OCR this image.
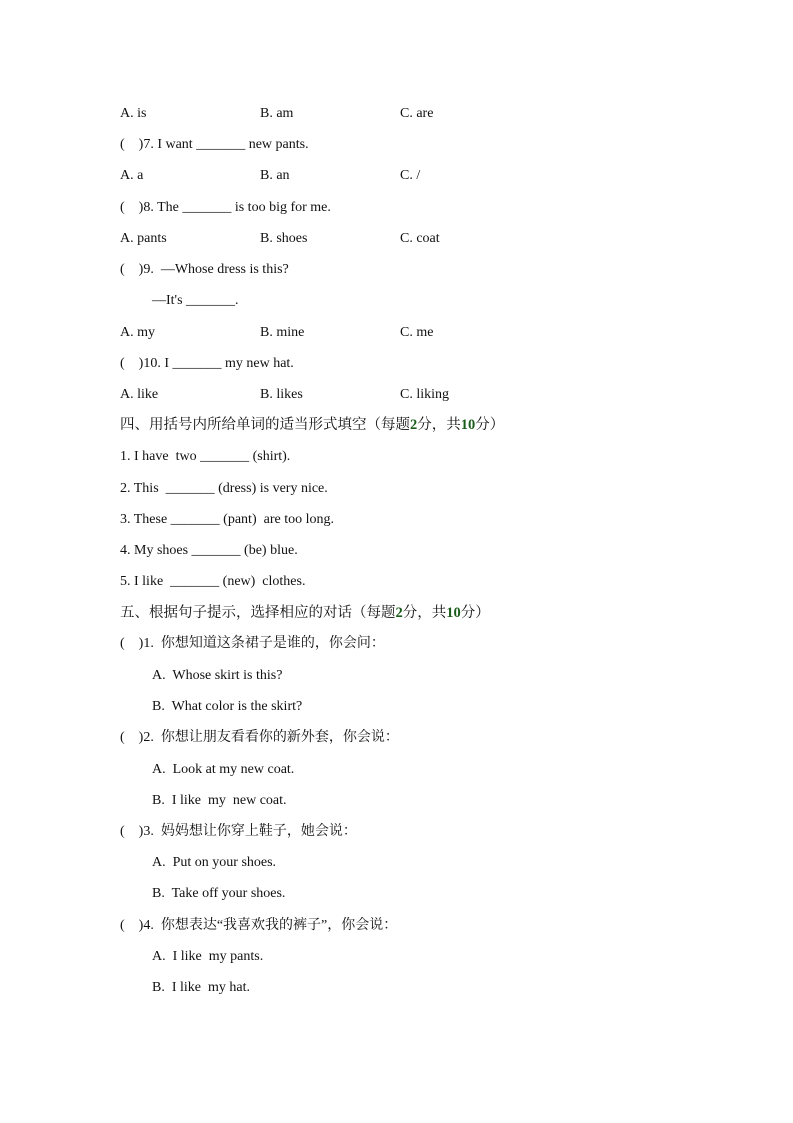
A. is	B. am	C. are
(    )7. I want _______ new pants.
A. a	B. an	C. /
(    )8. The _______ is too big for me.
A. pants	B. shoes	C. coat
(    )9.  —Whose dress is this?
—It's _______.
A. my	B. mine	C. me
(    )10. I _______ my new hat.
A. like	B. likes	C. liking
四、用括号内所给单词的适当形式填空（每题2分，共10分）
1. I have  two _______ (shirt).
2. This  _______ (dress) is very nice.
3. These _______ (pant)  are too long.
4. My shoes _______ (be) blue.
5. I like  _______ (new)  clothes.
五、根据句子提示，选择相应的对话（每题2分，共10分）
(    )1.  你想知道这条裙子是谁的，你会问：
A.  Whose skirt is this?
B.  What color is the skirt?
(    )2.  你想让朋友看看你的新外套，你会说：
A.  Look at my new coat.
B.  I like  my  new coat.
(    )3.  妈妈想让你穿上鞋子，她会说：
A.  Put on your shoes.
B.  Take off your shoes.
(    )4.  你想表达“我喜欢我的裤子”，你会说：
A.  I like  my pants.
B.  I like  my hat.
